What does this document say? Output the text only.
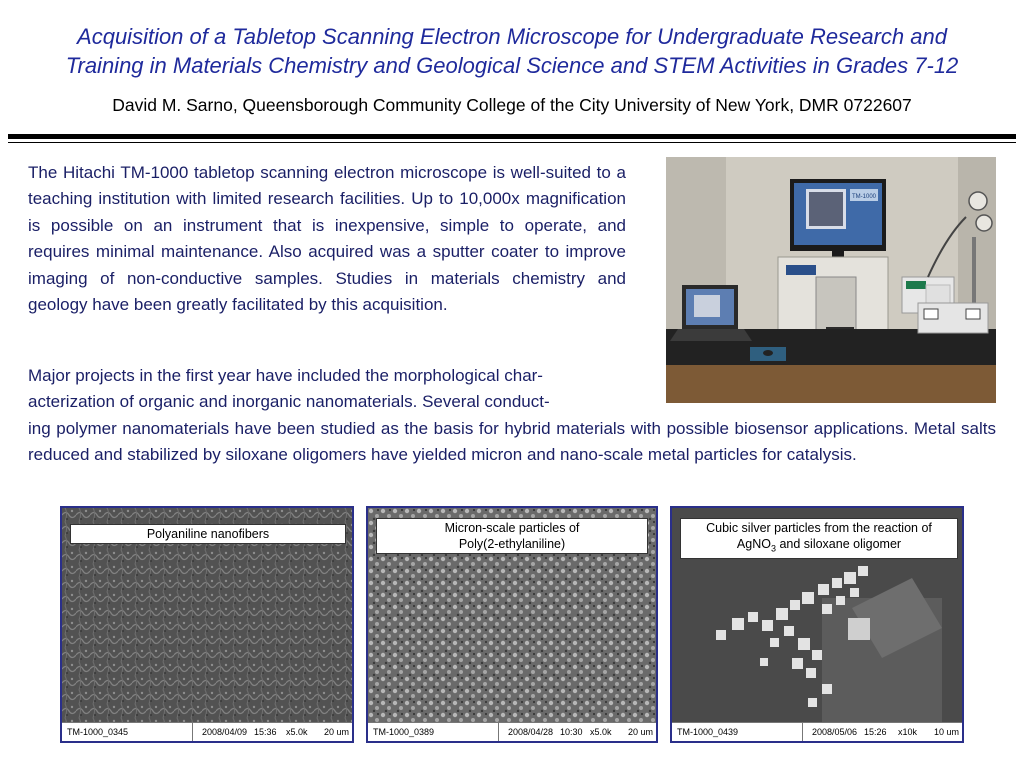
Acquisition of a Tabletop Scanning Electron Microscope for Undergraduate Research and
Training in Materials Chemistry and Geological Science and STEM Activities in Grades 7-12
David M. Sarno, Queensborough Community College of the City University of New York, DMR 0722607
The Hitachi TM-1000 tabletop scanning electron microscope is well-suited to a teaching institution with limited research facilities. Up to 10,000x magnification is possible on an instrument that is inexpensive, simple to operate, and requires minimal maintenance. Also acquired was a sputter coater to improve imaging of non-conductive samples. Studies in materials chemistry and geology have been greatly facilitated by this acquisition.
Major projects in the first year have included the morphological char-
acterization of organic and inorganic nanomaterials. Several conduct-
ing polymer nanomaterials have been studied as the basis for hybrid materials with possible biosensor applications. Metal salts reduced and stabilized by siloxane oligomers have yielded micron and nano-scale metal particles for catalysis.
TM-1000
Polyaniline nanofibers
TM-1000_0345	2008/04/09 15:36 x5.0k 20 um
Micron-scale particles of
Poly(2-ethylaniline)
TM-1000_0389	2008/04/28 10:30 x5.0k 20 um
Cubic silver particles from the reaction of
AgNO$_3$ and siloxane oligomer
TM-1000_0439	2008/05/06 15:26 x10k 10 um
